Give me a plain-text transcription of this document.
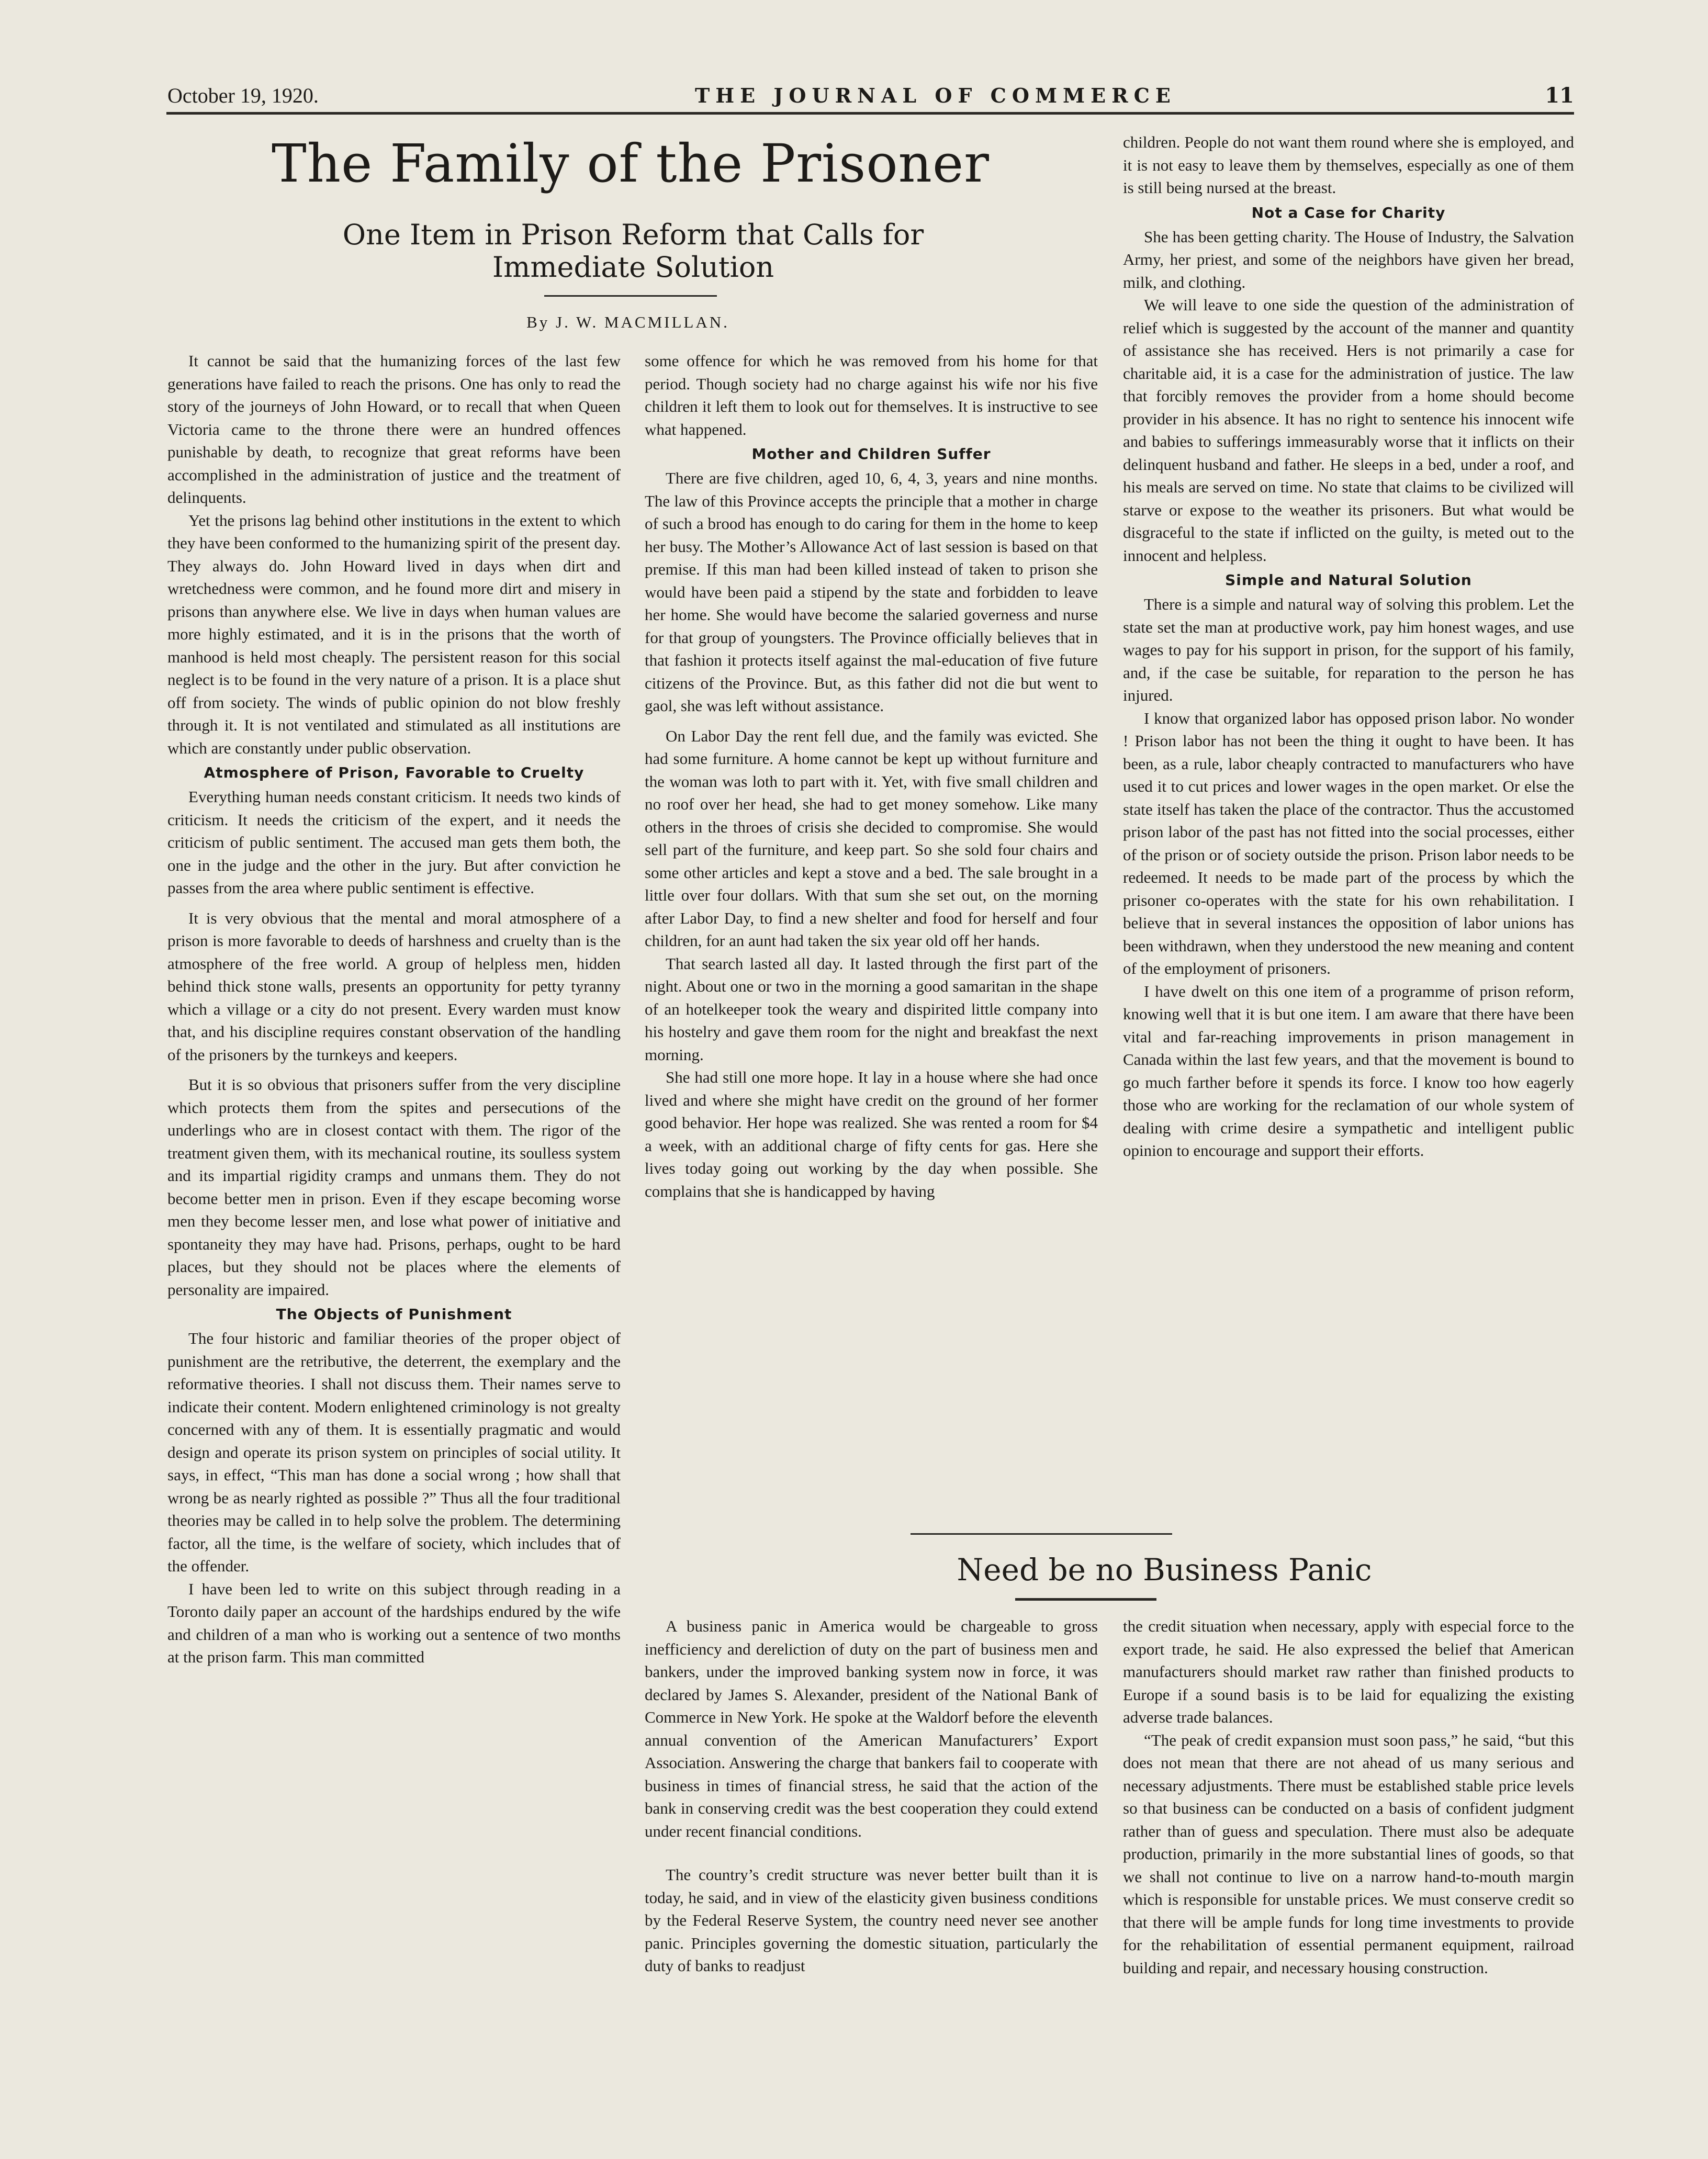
October 19, 1920.	THE JOURNAL OF COMMERCE	11
The Family of the Prisoner
One Item in Prison Reform that Calls for Immediate Solution
By J. W. MACMILLAN.

It cannot be said that the humanizing forces of the last few generations have failed to reach the prisons. One has only to read the story of the journeys of John Howard, or to recall that when Queen Victoria came to the throne there were an hundred offences punishable by death, to recognize that great reforms have been accomplished in the administration of justice and the treatment of delinquents.

Yet the prisons lag behind other institutions in the extent to which they have been conformed to the humanizing spirit of the present day. They always do. John Howard lived in days when dirt and wretchedness were common, and he found more dirt and misery in prisons than anywhere else. We live in days when human values are more highly estimated, and it is in the prisons that the worth of manhood is held most cheaply. The persistent reason for this social neglect is to be found in the very nature of a prison. It is a place shut off from society. The winds of public opinion do not blow freshly through it. It is not ventilated and stimulated as all institutions are which are constantly under public observation.

Atmosphere of Prison, Favorable to Cruelty

Everything human needs constant criticism. It needs two kinds of criticism. It needs the criticism of the expert, and it needs the criticism of public sentiment. The accused man gets them both, the one in the judge and the other in the jury. But after conviction he passes from the area where public sentiment is effective.

It is very obvious that the mental and moral atmosphere of a prison is more favorable to deeds of harshness and cruelty than is the atmosphere of the free world. A group of helpless men, hidden behind thick stone walls, presents an opportunity for petty tyranny which a village or a city do not present. Every warden must know that, and his discipline requires constant observation of the handling of the prisoners by the turnkeys and keepers.

But it is so obvious that prisoners suffer from the very discipline which protects them from the spites and persecutions of the underlings who are in closest contact with them. The rigor of the treatment given them, with its mechanical routine, its soulless system and its impartial rigidity cramps and unmans them. They do not become better men in prison. Even if they escape becoming worse men they become lesser men, and lose what power of initiative and spontaneity they may have had. Prisons, perhaps, ought to be hard places, but they should not be places where the elements of personality are impaired.

The Objects of Punishment

The four historic and familiar theories of the proper object of punishment are the retributive, the deterrent, the exemplary and the reformative theories. I shall not discuss them. Their names serve to indicate their content. Modern enlightened criminology is not grealty concerned with any of them. It is essentially pragmatic and would design and operate its prison system on principles of social utility. It says, in effect, “This man has done a social wrong ; how shall that wrong be as nearly righted as possible ?” Thus all the four traditional theories may be called in to help solve the problem. The determining factor, all the time, is the welfare of society, which includes that of the offender.

I have been led to write on this subject through reading in a Toronto daily paper an account of the hardships endured by the wife and children of a man who is working out a sentence of two months at the prison farm. This man committed

some offence for which he was removed from his home for that period. Though society had no charge against his wife nor his five children it left them to look out for themselves. It is instructive to see what happened.

Mother and Children Suffer

There are five children, aged 10, 6, 4, 3, years and nine months. The law of this Province accepts the principle that a mother in charge of such a brood has enough to do caring for them in the home to keep her busy. The Mother’s Allowance Act of last session is based on that premise. If this man had been killed instead of taken to prison she would have been paid a stipend by the state and forbidden to leave her home. She would have become the salaried governess and nurse for that group of youngsters. The Province officially believes that in that fashion it protects itself against the mal-education of five future citizens of the Province. But, as this father did not die but went to gaol, she was left without assistance.

On Labor Day the rent fell due, and the family was evicted. She had some furniture. A home cannot be kept up without furniture and the woman was loth to part with it. Yet, with five small children and no roof over her head, she had to get money somehow. Like many others in the throes of crisis she decided to compromise. She would sell part of the furniture, and keep part. So she sold four chairs and some other articles and kept a stove and a bed. The sale brought in a little over four dollars. With that sum she set out, on the morning after Labor Day, to find a new shelter and food for herself and four children, for an aunt had taken the six year old off her hands.

That search lasted all day. It lasted through the first part of the night. About one or two in the morning a good samaritan in the shape of an hotelkeeper took the weary and dispirited little company into his hostelry and gave them room for the night and breakfast the next morning.

She had still one more hope. It lay in a house where she had once lived and where she might have credit on the ground of her former good behavior. Her hope was realized. She was rented a room for $4 a week, with an additional charge of fifty cents for gas. Here she lives today going out working by the day when possible. She complains that she is handicapped by having

children. People do not want them round where she is employed, and it is not easy to leave them by themselves, especially as one of them is still being nursed at the breast.

Not a Case for Charity

She has been getting charity. The House of Industry, the Salvation Army, her priest, and some of the neighbors have given her bread, milk, and clothing.

We will leave to one side the question of the administration of relief which is suggested by the account of the manner and quantity of assistance she has received. Hers is not primarily a case for charitable aid, it is a case for the administration of justice. The law that forcibly removes the provider from a home should become provider in his absence. It has no right to sentence his innocent wife and babies to sufferings immeasurably worse that it inflicts on their delinquent husband and father. He sleeps in a bed, under a roof, and his meals are served on time. No state that claims to be civilized will starve or expose to the weather its prisoners. But what would be disgraceful to the state if inflicted on the guilty, is meted out to the innocent and helpless.

Simple and Natural Solution

There is a simple and natural way of solving this problem. Let the state set the man at productive work, pay him honest wages, and use wages to pay for his support in prison, for the support of his family, and, if the case be suitable, for reparation to the person he has injured.

I know that organized labor has opposed prison labor. No wonder ! Prison labor has not been the thing it ought to have been. It has been, as a rule, labor cheaply contracted to manufacturers who have used it to cut prices and lower wages in the open market. Or else the state itself has taken the place of the contractor. Thus the accustomed prison labor of the past has not fitted into the social processes, either of the prison or of society outside the prison. Prison labor needs to be redeemed. It needs to be made part of the process by which the prisoner co-operates with the state for his own rehabilitation. I believe that in several instances the opposition of labor unions has been withdrawn, when they understood the new meaning and content of the employment of prisoners.

I have dwelt on this one item of a programme of prison reform, knowing well that it is but one item. I am aware that there have been vital and far-reaching improvements in prison management in Canada within the last few years, and that the movement is bound to go much farther before it spends its force. I know too how eagerly those who are working for the reclamation of our whole system of dealing with crime desire a sympathetic and intelligent public opinion to encourage and support their efforts.

Need be no Business Panic

A business panic in America would be chargeable to gross inefficiency and dereliction of duty on the part of business men and bankers, under the improved banking system now in force, it was declared by James S. Alexander, president of the National Bank of Commerce in New York. He spoke at the Waldorf before the eleventh annual convention of the American Manufacturers’ Export Association. Answering the charge that bankers fail to cooperate with business in times of financial stress, he said that the action of the bank in conserving credit was the best cooperation they could extend under recent financial conditions.

The country’s credit structure was never better built than it is today, he said, and in view of the elasticity given business conditions by the Federal Reserve System, the country need never see another panic. Principles governing the domestic situation, particularly the duty of banks to readjust

the credit situation when necessary, apply with especial force to the export trade, he said. He also expressed the belief that American manufacturers should market raw rather than finished products to Europe if a sound basis is to be laid for equalizing the existing adverse trade balances.

“The peak of credit expansion must soon pass,” he said, “but this does not mean that there are not ahead of us many serious and necessary adjustments. There must be established stable price levels so that business can be conducted on a basis of confident judgment rather than of guess and speculation. There must also be adequate production, primarily in the more substantial lines of goods, so that we shall not continue to live on a narrow hand-to-mouth margin which is responsible for unstable prices. We must conserve credit so that there will be ample funds for long time investments to provide for the rehabilitation of essential permanent equipment, railroad building and repair, and necessary housing construction.
